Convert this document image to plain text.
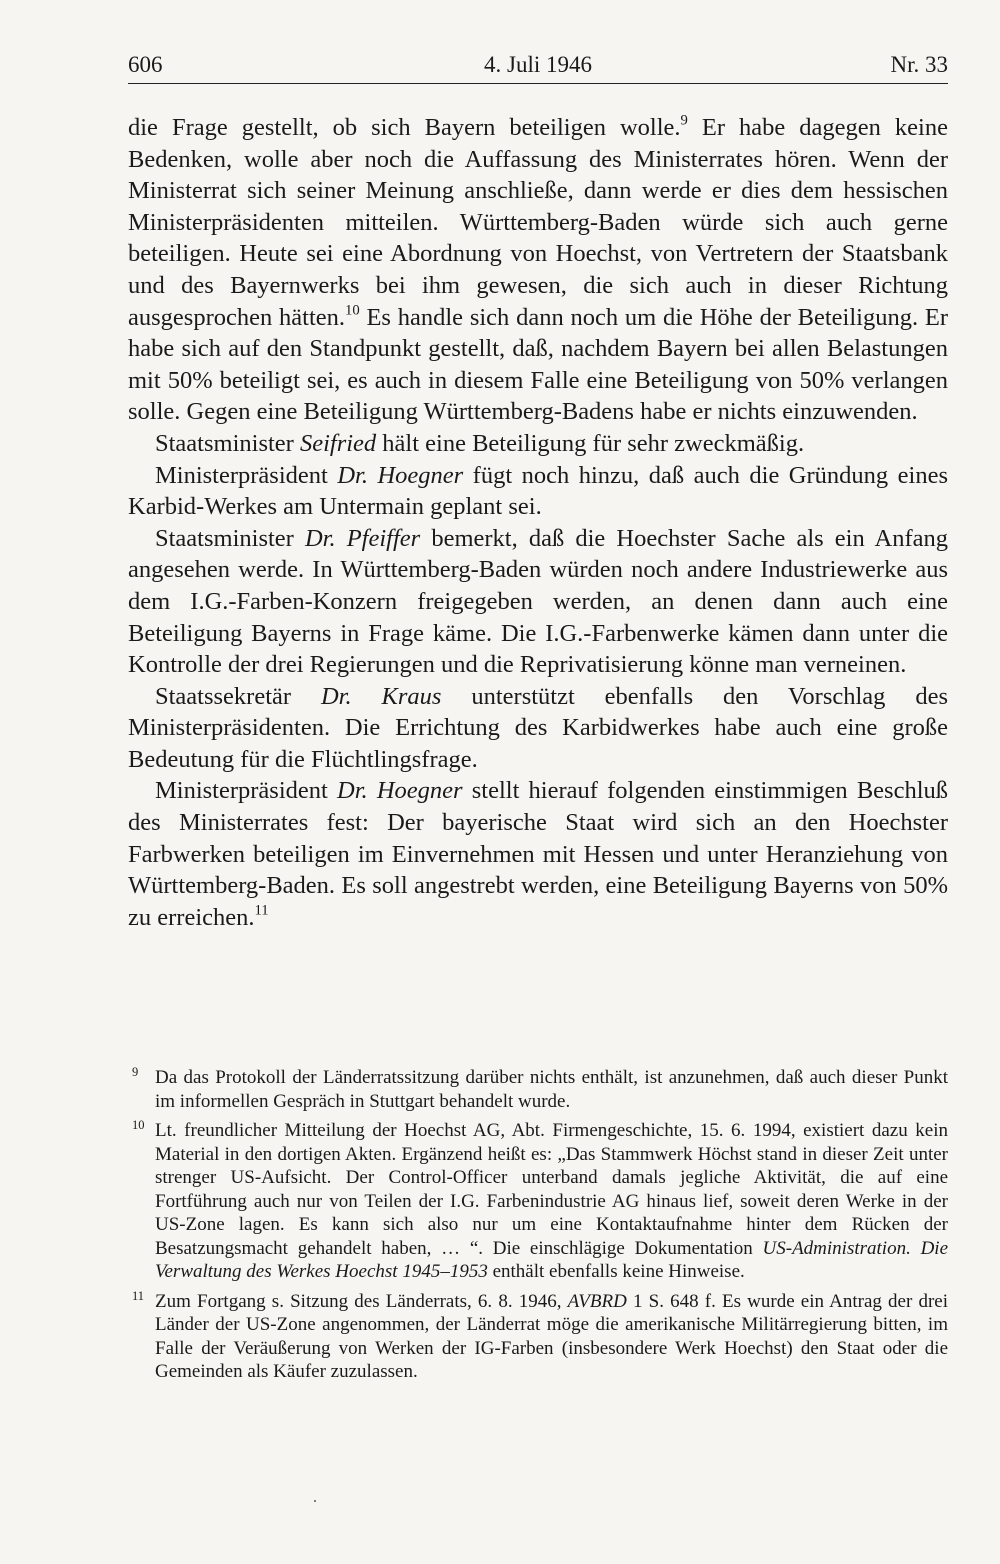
606	4. Juli 1946	Nr. 33

die Frage gestellt, ob sich Bayern beteiligen wolle.$^9$ Er habe dagegen keine Bedenken, wolle aber noch die Auffassung des Ministerrates hören. Wenn der Ministerrat sich seiner Meinung anschließe, dann werde er dies dem hessischen Ministerpräsidenten mitteilen. Württemberg-Baden würde sich auch gerne beteiligen. Heute sei eine Abordnung von Hoechst, von Vertretern der Staatsbank und des Bayernwerks bei ihm gewesen, die sich auch in dieser Richtung ausgesprochen hätten.$^{10}$ Es handle sich dann noch um die Höhe der Beteiligung. Er habe sich auf den Standpunkt gestellt, daß, nachdem Bayern bei allen Belastungen mit 50% beteiligt sei, es auch in diesem Falle eine Beteiligung von 50% verlangen solle. Gegen eine Beteiligung Württemberg-Badens habe er nichts einzuwenden.

Staatsminister Seifried hält eine Beteiligung für sehr zweckmäßig.

Ministerpräsident Dr. Hoegner fügt noch hinzu, daß auch die Gründung eines Karbid-Werkes am Untermain geplant sei.

Staatsminister Dr. Pfeiffer bemerkt, daß die Hoechster Sache als ein Anfang angesehen werde. In Württemberg-Baden würden noch andere Industriewerke aus dem I.G.-Farben-Konzern freigegeben werden, an denen dann auch eine Beteiligung Bayerns in Frage käme. Die I.G.-Farbenwerke kämen dann unter die Kontrolle der drei Regierungen und die Reprivatisierung könne man verneinen.

Staatssekretär Dr. Kraus unterstützt ebenfalls den Vorschlag des Ministerpräsidenten. Die Errichtung des Karbidwerkes habe auch eine große Bedeutung für die Flüchtlingsfrage.

Ministerpräsident Dr. Hoegner stellt hierauf folgenden einstimmigen Beschluß des Ministerrates fest: Der bayerische Staat wird sich an den Hoechster Farbwerken beteiligen im Einvernehmen mit Hessen und unter Heranziehung von Württemberg-Baden. Es soll angestrebt werden, eine Beteiligung Bayerns von 50% zu erreichen.$^{11}$

9 Da das Protokoll der Länderratssitzung darüber nichts enthält, ist anzunehmen, daß auch dieser Punkt im informellen Gespräch in Stuttgart behandelt wurde.
10 Lt. freundlicher Mitteilung der Hoechst AG, Abt. Firmengeschichte, 15. 6. 1994, existiert dazu kein Material in den dortigen Akten. Ergänzend heißt es: „Das Stammwerk Höchst stand in dieser Zeit unter strenger US-Aufsicht. Der Control-Officer unterband damals jegliche Aktivität, die auf eine Fortführung auch nur von Teilen der I.G. Farbenindustrie AG hinaus lief, soweit deren Werke in der US-Zone lagen. Es kann sich also nur um eine Kontaktaufnahme hinter dem Rücken der Besatzungsmacht gehandelt haben, … “. Die einschlägige Dokumentation US-Administration. Die Verwaltung des Werkes Hoechst 1945–1953 enthält ebenfalls keine Hinweise.
11 Zum Fortgang s. Sitzung des Länderrats, 6. 8. 1946, AVBRD 1 S. 648 f. Es wurde ein Antrag der drei Länder der US-Zone angenommen, der Länderrat möge die amerikanische Militärregierung bitten, im Falle der Veräußerung von Werken der IG-Farben (insbesondere Werk Hoechst) den Staat oder die Gemeinden als Käufer zuzulassen.
